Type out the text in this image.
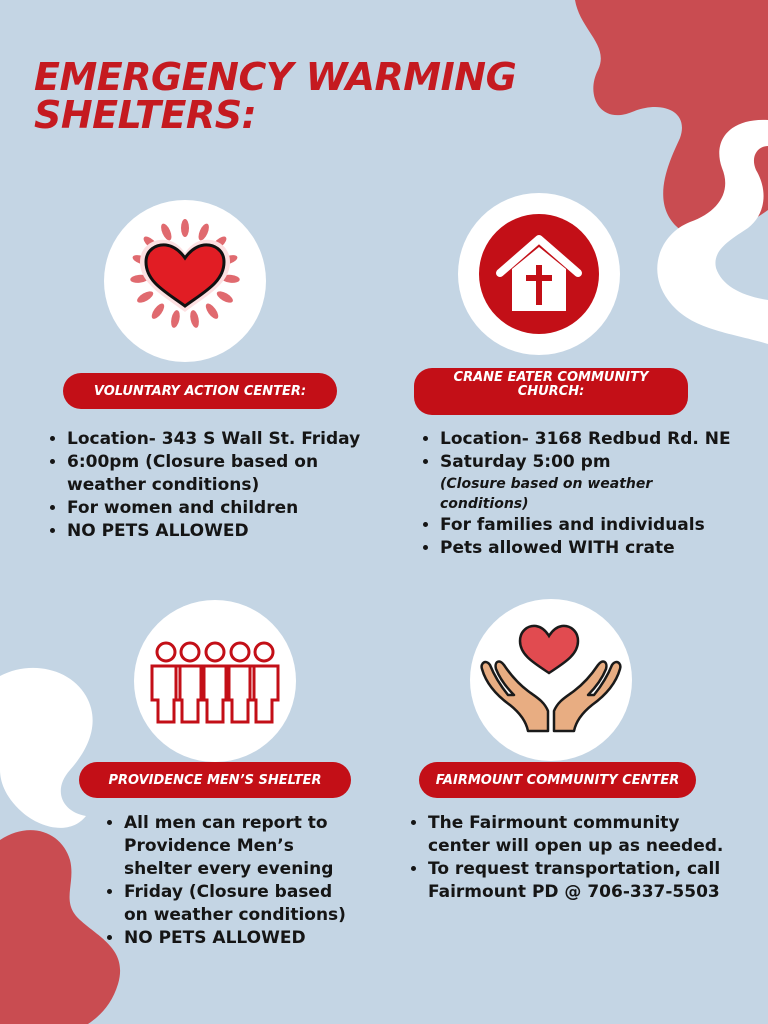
EMERGENCY WARMING
SHELTERS:
VOLUNTARY ACTION CENTER:
CRANE EATER COMMUNITY
CHURCH:
PROVIDENCE MEN’S SHELTER	FAIRMOUNT COMMUNITY CENTER
• Location- 343 S Wall St. Friday
• 6:00pm (Closure based on
weather conditions)
• For women and children
• NO PETS ALLOWED
• Location- 3168 Redbud Rd. NE
• Saturday 5:00 pm
(Closure based on weather
conditions)
• For families and individuals
• Pets allowed WITH crate
• All men can report to
Providence Men’s
shelter every evening
• Friday (Closure based
on weather conditions)
• NO PETS ALLOWED
• The Fairmount community
center will open up as needed.
• To request transportation, call
Fairmount PD @ 706-337-5503
